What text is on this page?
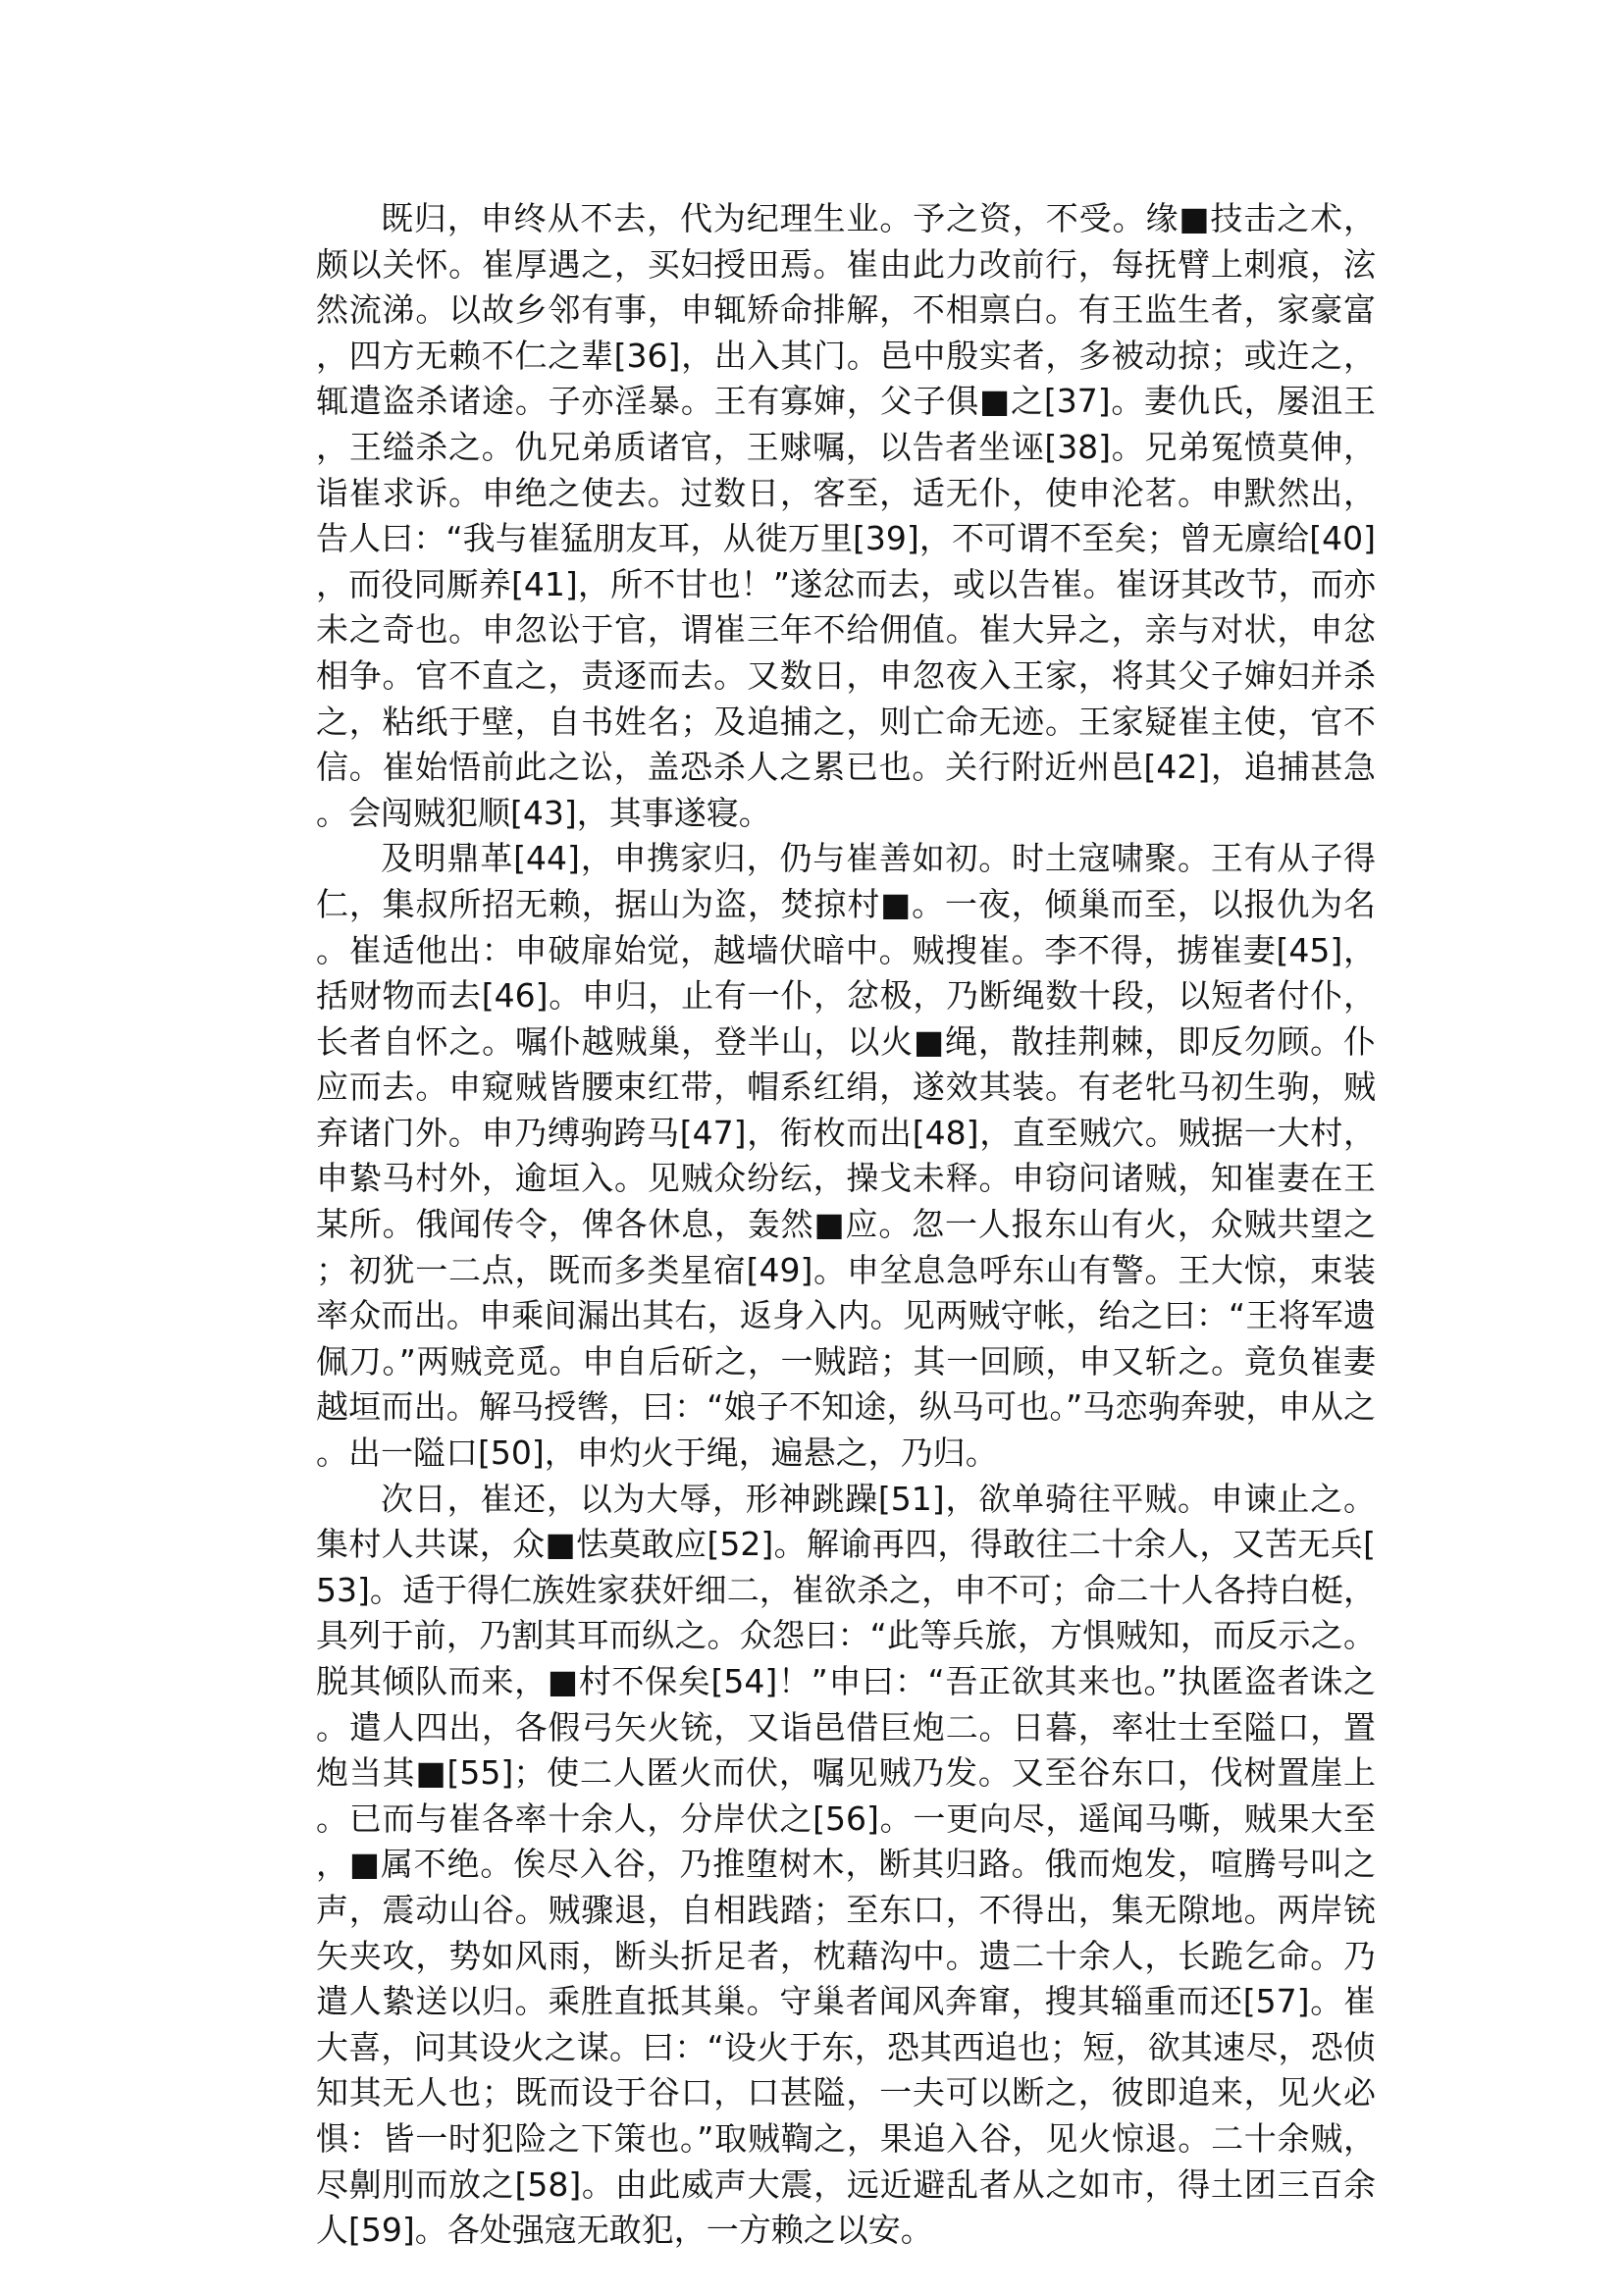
既归，申终从不去，代为纪理生业。予之资，不受。缘■技击之术，颇以关怀。崔厚遇之，买妇授田焉。崔由此力改前行，每抚臂上刺痕，泫然流涕。以故乡邻有事，申辄矫命排解，不相禀白。有王监生者，家豪富，四方无赖不仁之辈[36]，出入其门。邑中殷实者，多被动掠；或迕之，辄遣盗杀诸途。子亦淫暴。王有寡婶，父子俱■之[37]。妻仇氏，屡沮王，王缢杀之。仇兄弟质诸官，王赇嘱，以告者坐诬[38]。兄弟冤愤莫伸，诣崔求诉。申绝之使去。过数日，客至，适无仆，使申沦茗。申默然出，告人曰：“我与崔猛朋友耳，从徙万里[39]，不可谓不至矣；曾无廪给[40]，而役同厮养[41]，所不甘也！”遂忿而去，或以告崔。崔讶其改节，而亦未之奇也。申忽讼于官，谓崔三年不给佣值。崔大异之，亲与对状，申忿相争。官不直之，责逐而去。又数日，申忽夜入王家，将其父子婶妇并杀之，粘纸于壁，自书姓名；及追捕之，则亡命无迹。王家疑崔主使，官不信。崔始悟前此之讼，盖恐杀人之累已也。关行附近州邑[42]，追捕甚急。会闯贼犯顺[43]，其事遂寝。

及明鼎革[44]，申携家归，仍与崔善如初。时土寇啸聚。王有从子得仁，集叔所招无赖，据山为盗，焚掠村■。一夜，倾巢而至，以报仇为名。崔适他出：申破扉始觉，越墙伏暗中。贼搜崔。李不得，掳崔妻[45]，括财物而去[46]。申归，止有一仆，忿极，乃断绳数十段，以短者付仆，长者自怀之。嘱仆越贼巢，登半山，以火■绳，散挂荆棘，即反勿顾。仆应而去。申窥贼皆腰束红带，帽系红绢，遂效其装。有老牝马初生驹，贼弃诸门外。申乃缚驹跨马[47]，衔枚而出[48]，直至贼穴。贼据一大村，申絷马村外，逾垣入。见贼众纷纭，操戈未释。申窃问诸贼，知崔妻在王某所。俄闻传令，俾各休息，轰然■应。忽一人报东山有火，众贼共望之；初犹一二点，既而多类星宿[49]。申坌息急呼东山有警。王大惊，束装率众而出。申乘间漏出其右，返身入内。见两贼守帐，绐之曰：“王将军遗佩刀。”两贼竞觅。申自后斫之，一贼踣；其一回顾，申又斩之。竟负崔妻越垣而出。解马授辔，曰：“娘子不知途，纵马可也。”马恋驹奔驶，申从之。出一隘口[50]，申灼火于绳，遍悬之，乃归。

次日，崔还，以为大辱，形神跳躁[51]，欲单骑往平贼。申谏止之。集村人共谋，众■怯莫敢应[52]。解谕再四，得敢往二十余人，又苦无兵[53]。适于得仁族姓家获奸细二，崔欲杀之，申不可；命二十人各持白梃，具列于前，乃割其耳而纵之。众怨曰：“此等兵旅，方惧贼知，而反示之。脱其倾队而来，■村不保矣[54]！”申曰：“吾正欲其来也。”执匿盗者诛之。遣人四出，各假弓矢火铳，又诣邑借巨炮二。日暮，率壮士至隘口，置炮当其■[55]；使二人匿火而伏，嘱见贼乃发。又至谷东口，伐树置崖上。已而与崔各率十余人，分岸伏之[56]。一更向尽，遥闻马嘶，贼果大至，■属不绝。俟尽入谷，乃推堕树木，断其归路。俄而炮发，喧腾号叫之声，震动山谷。贼骤退，自相践踏；至东口，不得出，集无隙地。两岸铳矢夹攻，势如风雨，断头折足者，枕藉沟中。遗二十余人，长跪乞命。乃遣人絷送以归。乘胜直抵其巢。守巢者闻风奔窜，搜其辎重而还[57]。崔大喜，问其设火之谋。曰：“设火于东，恐其西追也；短，欲其速尽，恐侦知其无人也；既而设于谷口，口甚隘，一夫可以断之，彼即追来，见火必惧：皆一时犯险之下策也。”取贼鞫之，果追入谷，见火惊退。二十余贼，尽劓刖而放之[58]。由此威声大震，远近避乱者从之如市，得土团三百余人[59]。各处强寇无敢犯，一方赖之以安。
